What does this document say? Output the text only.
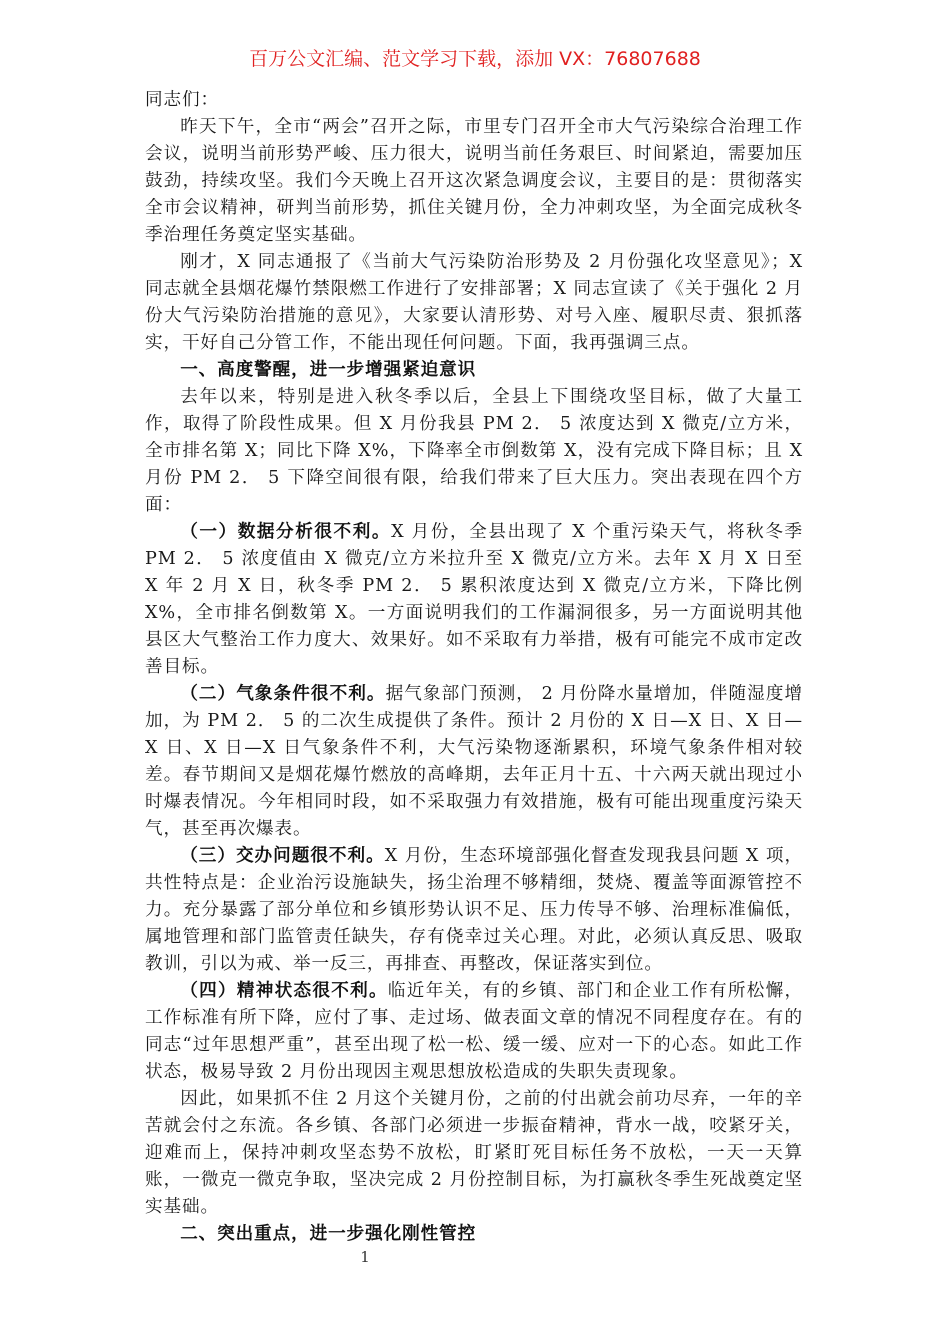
百万公文汇编、范文学习下载，添加 VX：76807688

同志们：

昨天下午，全市“两会”召开之际，市里专门召开全市大气污染综合治理工作会议，说明当前形势严峻、压力很大，说明当前任务艰巨、时间紧迫，需要加压鼓劲，持续攻坚。我们今天晚上召开这次紧急调度会议，主要目的是：贯彻落实全市会议精神，研判当前形势，抓住关键月份，全力冲刺攻坚，为全面完成秋冬季治理任务奠定坚实基础。

刚才，X 同志通报了《当前大气污染防治形势及 2 月份强化攻坚意见》；X 同志就全县烟花爆竹禁限燃工作进行了安排部署；X 同志宣读了《关于强化 2 月份大气污染防治措施的意见》，大家要认清形势、对号入座、履职尽责、狠抓落实，干好自己分管工作，不能出现任何问题。下面，我再强调三点。

一、高度警醒，进一步增强紧迫意识

去年以来，特别是进入秋冬季以后，全县上下围绕攻坚目标，做了大量工作，取得了阶段性成果。但 X 月份我县 PM 2． 5 浓度达到 X 微克/立方米，全市排名第 X；同比下降 X%，下降率全市倒数第 X，没有完成下降目标；且 X 月份 PM 2． 5 下降空间很有限，给我们带来了巨大压力。突出表现在四个方面：

（一）数据分析很不利。X 月份，全县出现了 X 个重污染天气，将秋冬季 PM 2． 5 浓度值由 X 微克/立方米拉升至 X 微克/立方米。去年 X 月 X 日至 X 年 2 月 X 日，秋冬季 PM 2． 5 累积浓度达到 X 微克/立方米，下降比例 X%，全市排名倒数第 X。一方面说明我们的工作漏洞很多，另一方面说明其他县区大气整治工作力度大、效果好。如不采取有力举措，极有可能完不成市定改善目标。

（二）气象条件很不利。据气象部门预测， 2 月份降水量增加，伴随湿度增加，为 PM 2． 5 的二次生成提供了条件。预计 2 月份的 X 日—X 日、X 日—X 日、X 日—X 日气象条件不利，大气污染物逐渐累积，环境气象条件相对较差。春节期间又是烟花爆竹燃放的高峰期，去年正月十五、十六两天就出现过小时爆表情况。今年相同时段，如不采取强力有效措施，极有可能出现重度污染天气，甚至再次爆表。

（三）交办问题很不利。X 月份，生态环境部强化督查发现我县问题 X 项，共性特点是：企业治污设施缺失，扬尘治理不够精细，焚烧、覆盖等面源管控不力。充分暴露了部分单位和乡镇形势认识不足、压力传导不够、治理标准偏低，属地管理和部门监管责任缺失，存有侥幸过关心理。对此，必须认真反思、吸取教训，引以为戒、举一反三，再排查、再整改，保证落实到位。

（四）精神状态很不利。临近年关，有的乡镇、部门和企业工作有所松懈，工作标准有所下降，应付了事、走过场、做表面文章的情况不同程度存在。有的同志“过年思想严重”，甚至出现了松一松、缓一缓、应对一下的心态。如此工作状态，极易导致 2 月份出现因主观思想放松造成的失职失责现象。

因此，如果抓不住 2 月这个关键月份，之前的付出就会前功尽弃，一年的辛苦就会付之东流。各乡镇、各部门必须进一步振奋精神，背水一战，咬紧牙关，迎难而上，保持冲刺攻坚态势不放松，盯紧盯死目标任务不放松，一天一天算账，一微克一微克争取，坚决完成 2 月份控制目标，为打赢秋冬季生死战奠定坚实基础。

二、突出重点，进一步强化刚性管控

1
